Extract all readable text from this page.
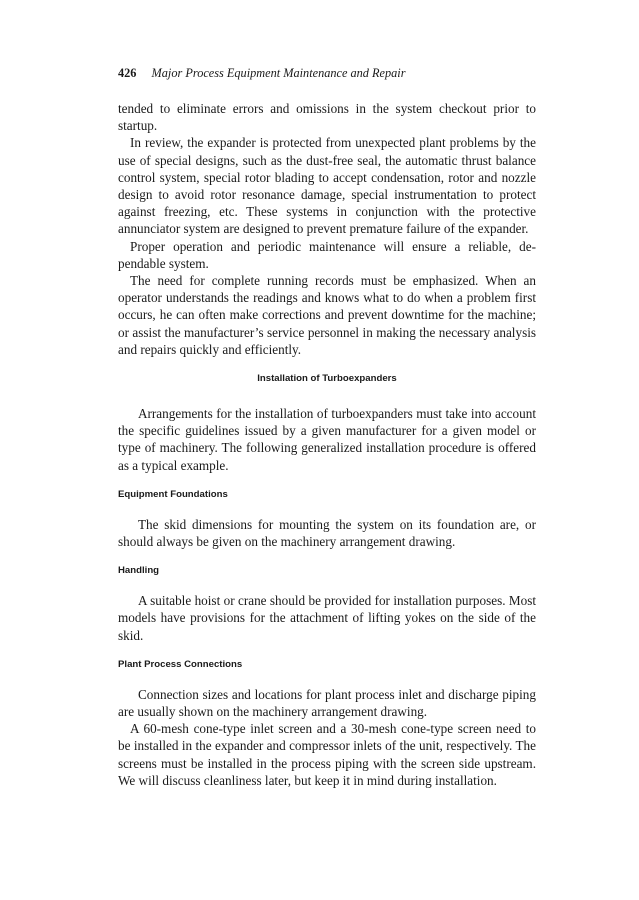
426 Major Process Equipment Maintenance and Repair

tended to eliminate errors and omissions in the system checkout prior to startup.

In review, the expander is protected from unexpected plant problems by the use of special designs, such as the dust-free seal, the automatic thrust balance control system, special rotor blading to accept condensation, rotor and nozzle design to avoid rotor resonance damage, special instrumentation to protect against freezing, etc. These systems in conjunction with the protective annunciator system are designed to prevent premature failure of the expander.

Proper operation and periodic maintenance will ensure a reliable, dependable system.

The need for complete running records must be emphasized. When an operator understands the readings and knows what to do when a problem first occurs, he can often make corrections and prevent downtime for the machine; or assist the manufacturer’s service personnel in making the necessary analysis and repairs quickly and efficiently.

Installation of Turboexpanders

Arrangements for the installation of turboexpanders must take into account the specific guidelines issued by a given manufacturer for a given model or type of machinery. The following generalized installation procedure is offered as a typical example.

Equipment Foundations

The skid dimensions for mounting the system on its foundation are, or should always be given on the machinery arrangement drawing.

Handling

A suitable hoist or crane should be provided for installation purposes. Most models have provisions for the attachment of lifting yokes on the side of the skid.

Plant Process Connections

Connection sizes and locations for plant process inlet and discharge piping are usually shown on the machinery arrangement drawing.

A 60-mesh cone-type inlet screen and a 30-mesh cone-type screen need to be installed in the expander and compressor inlets of the unit, respectively. The screens must be installed in the process piping with the screen side upstream. We will discuss cleanliness later, but keep it in mind during installation.
